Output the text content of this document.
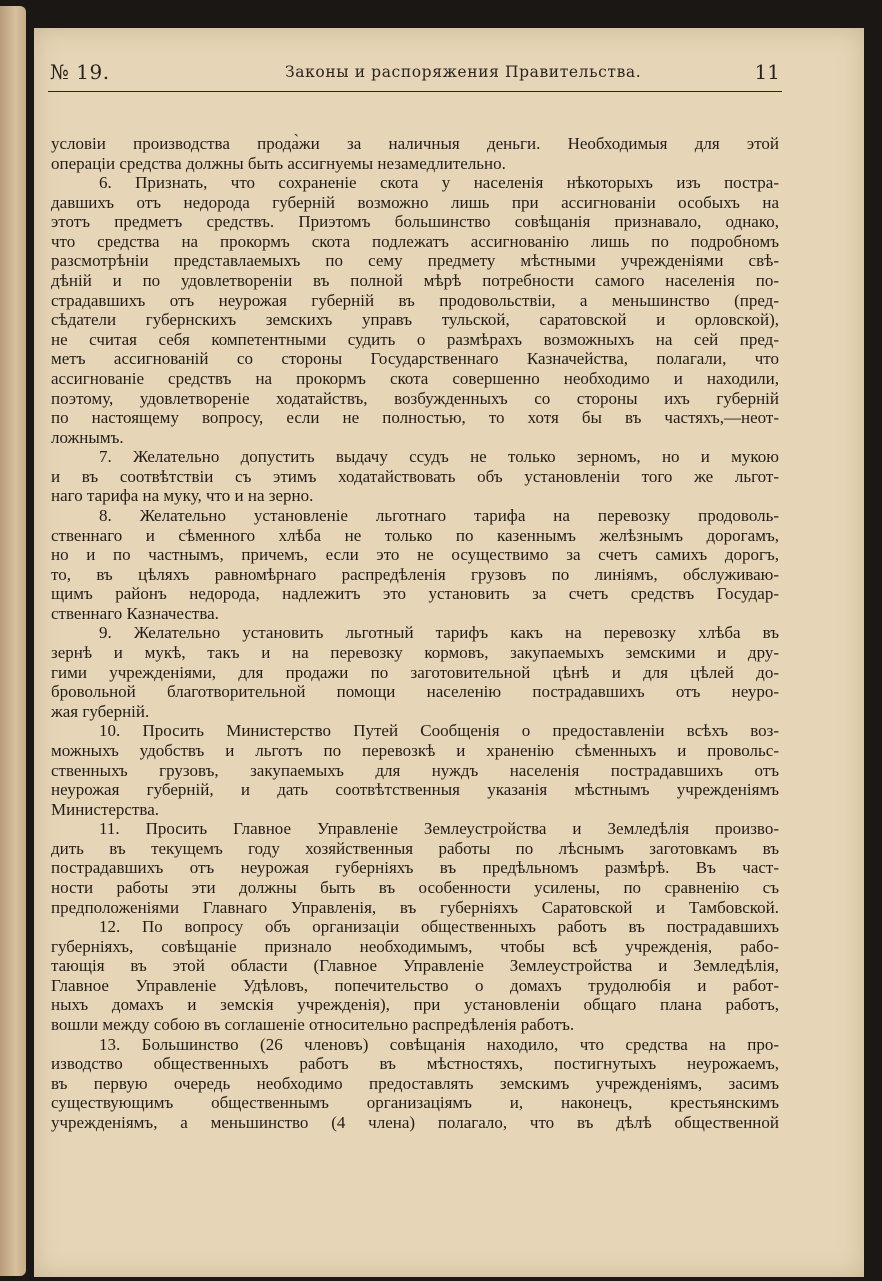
№ 19.	Законы и распоряжения Правительства.	11
условіи производства прода̀жи за наличныя деньги. Необходимыя для этой
операціи средства должны быть ассигнуемы незамедлительно.
6. Признать, что сохраненіе скота у населенія нѣкоторыхъ изъ постра-
давшихъ отъ недорода губерній возможно лишь при ассигнованіи особыхъ на
этотъ предметъ средствъ. Приэтомъ большинство совѣщанія признавало, однако,
что средства на прокормъ скота подлежатъ ассигнованію лишь по подробномъ
разсмотрѣніи представлаемыхъ по сему предмету мѣстными учрежденіями свѣ-
дѣній и по удовлетвореніи въ полной мѣрѣ потребности самого населенія по-
страдавшихъ отъ неурожая губерній въ продовольствіи, а меньшинство (пред-
сѣдатели губернскихъ земскихъ управъ тульской, саратовской и орловской),
не считая себя компетентными судить о размѣрахъ возможныхъ на сей пред-
метъ ассигнованій со стороны Государственнаго Казначейства, полагали, что
ассигнованіе средствъ на прокормъ скота совершенно необходимо и находили,
поэтому, удовлетвореніе ходатайствъ, возбужденныхъ со стороны ихъ губерній
по настоящему вопросу, если не полностью, то хотя бы въ частяхъ,—неот-
ложнымъ.
7. Желательно допустить выдачу ссудъ не только зерномъ, но и мукою
и въ соотвѣтствіи съ этимъ ходатайствовать объ установленіи того же льгот-
наго тарифа на муку, что и на зерно.
8. Желательно установленіе льготнаго тарифа на перевозку продоволь-
ственнаго и сѣменного хлѣба не только по казеннымъ желѣзнымъ дорогамъ,
но и по частнымъ, причемъ, если это не осуществимо за счетъ самихъ дорогъ,
то, въ цѣляхъ равномѣрнаго распредѣленія грузовъ по линіямъ, обслуживаю-
щимъ районъ недорода, надлежитъ это установить за счетъ средствъ Государ-
ственнаго Казначества.
9. Желательно установить льготный тарифъ какъ на перевозку хлѣба въ
зернѣ и мукѣ, такъ и на перевозку кормовъ, закупаемыхъ земскими и дру-
гими учрежденіями, для продажи по заготовительной цѣнѣ и для цѣлей до-
бровольной благотворительной помощи населенію пострадавшихъ отъ неуро-
жая губерній.
10. Просить Министерство Путей Сообщенія о предоставленіи всѣхъ воз-
можныхъ удобствъ и льготъ по перевозкѣ и храненію сѣменныхъ и провольс-
ственныхъ грузовъ, закупаемыхъ для нуждъ населенія пострадавшихъ отъ
неурожая губерній, и дать соотвѣтственныя указанія мѣстнымъ учрежденіямъ
Министерства.
11. Просить Главное Управленіе Землеустройства и Земледѣлія произво-
дить въ текущемъ году хозяйственныя работы по лѣснымъ заготовкамъ въ
пострадавшихъ отъ неурожая губерніяхъ въ предѣльномъ размѣрѣ. Въ част-
ности работы эти должны быть въ особенности усилены, по сравненію съ
предположеніями Главнаго Управленія, въ губерніяхъ Саратовской и Тамбовской.
12. По вопросу объ организаціи общественныхъ работъ въ пострадавшихъ
губерніяхъ, совѣщаніе признало необходимымъ, чтобы всѣ учрежденія, рабо-
тающія въ этой области (Главное Управленіе Землеустройства и Земледѣлія,
Главное Управленіе Удѣловъ, попечительство о домахъ трудолюбія и работ-
ныхъ домахъ и земскія учрежденія), при установленіи общаго плана работъ,
вошли между собою въ соглашеніе относительно распредѣленія работъ.
13. Большинство (26 членовъ) совѣщанія находило, что средства на про-
изводство общественныхъ работъ въ мѣстностяхъ, постигнутыхъ неурожаемъ,
въ первую очередь необходимо предоставлять земскимъ учрежденіямъ, засимъ
существующимъ общественнымъ организаціямъ и, наконецъ, крестьянскимъ
учрежденіямъ, а меньшинство (4 члена) полагало, что въ дѣлѣ общественной
